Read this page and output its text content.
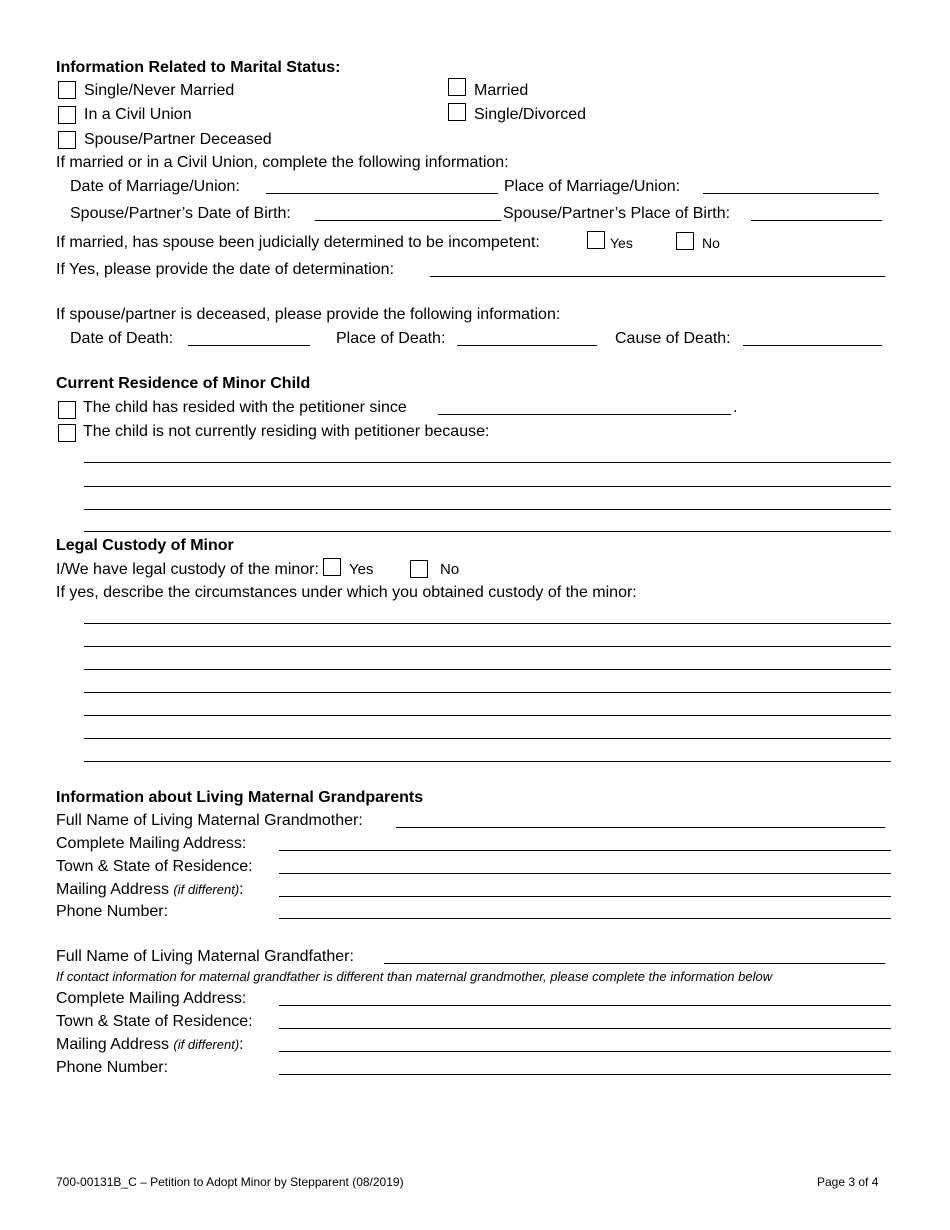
Information Related to Marital Status:
Single/Never Married
In a Civil Union
Spouse/Partner Deceased
Married
Single/Divorced
If married or in a Civil Union, complete the following information:
Date of Marriage/Union:	Place of Marriage/Union:
Spouse/Partner’s Date of Birth:	Spouse/Partner’s Place of Birth:
If married, has spouse been judicially determined to be incompetent:	Yes	No
If Yes, please provide the date of determination:
If spouse/partner is deceased, please provide the following information:
Date of Death:	Place of Death:	Cause of Death:
Current Residence of Minor Child
The child has resided with the petitioner since	.
The child is not currently residing with petitioner because:
Legal Custody of Minor
I/We have legal custody of the minor: Yes	No
If yes, describe the circumstances under which you obtained custody of the minor:
Information about Living Maternal Grandparents
Full Name of Living Maternal Grandmother:
Complete Mailing Address:
Town & State of Residence:
Mailing Address (if different):
Phone Number:
Full Name of Living Maternal Grandfather:
If contact information for maternal grandfather is different than maternal grandmother, please complete the information below
Complete Mailing Address:
Town & State of Residence:
Mailing Address (if different):
Phone Number:
700-00131B_C – Petition to Adopt Minor by Stepparent (08/2019)	Page 3 of 4
